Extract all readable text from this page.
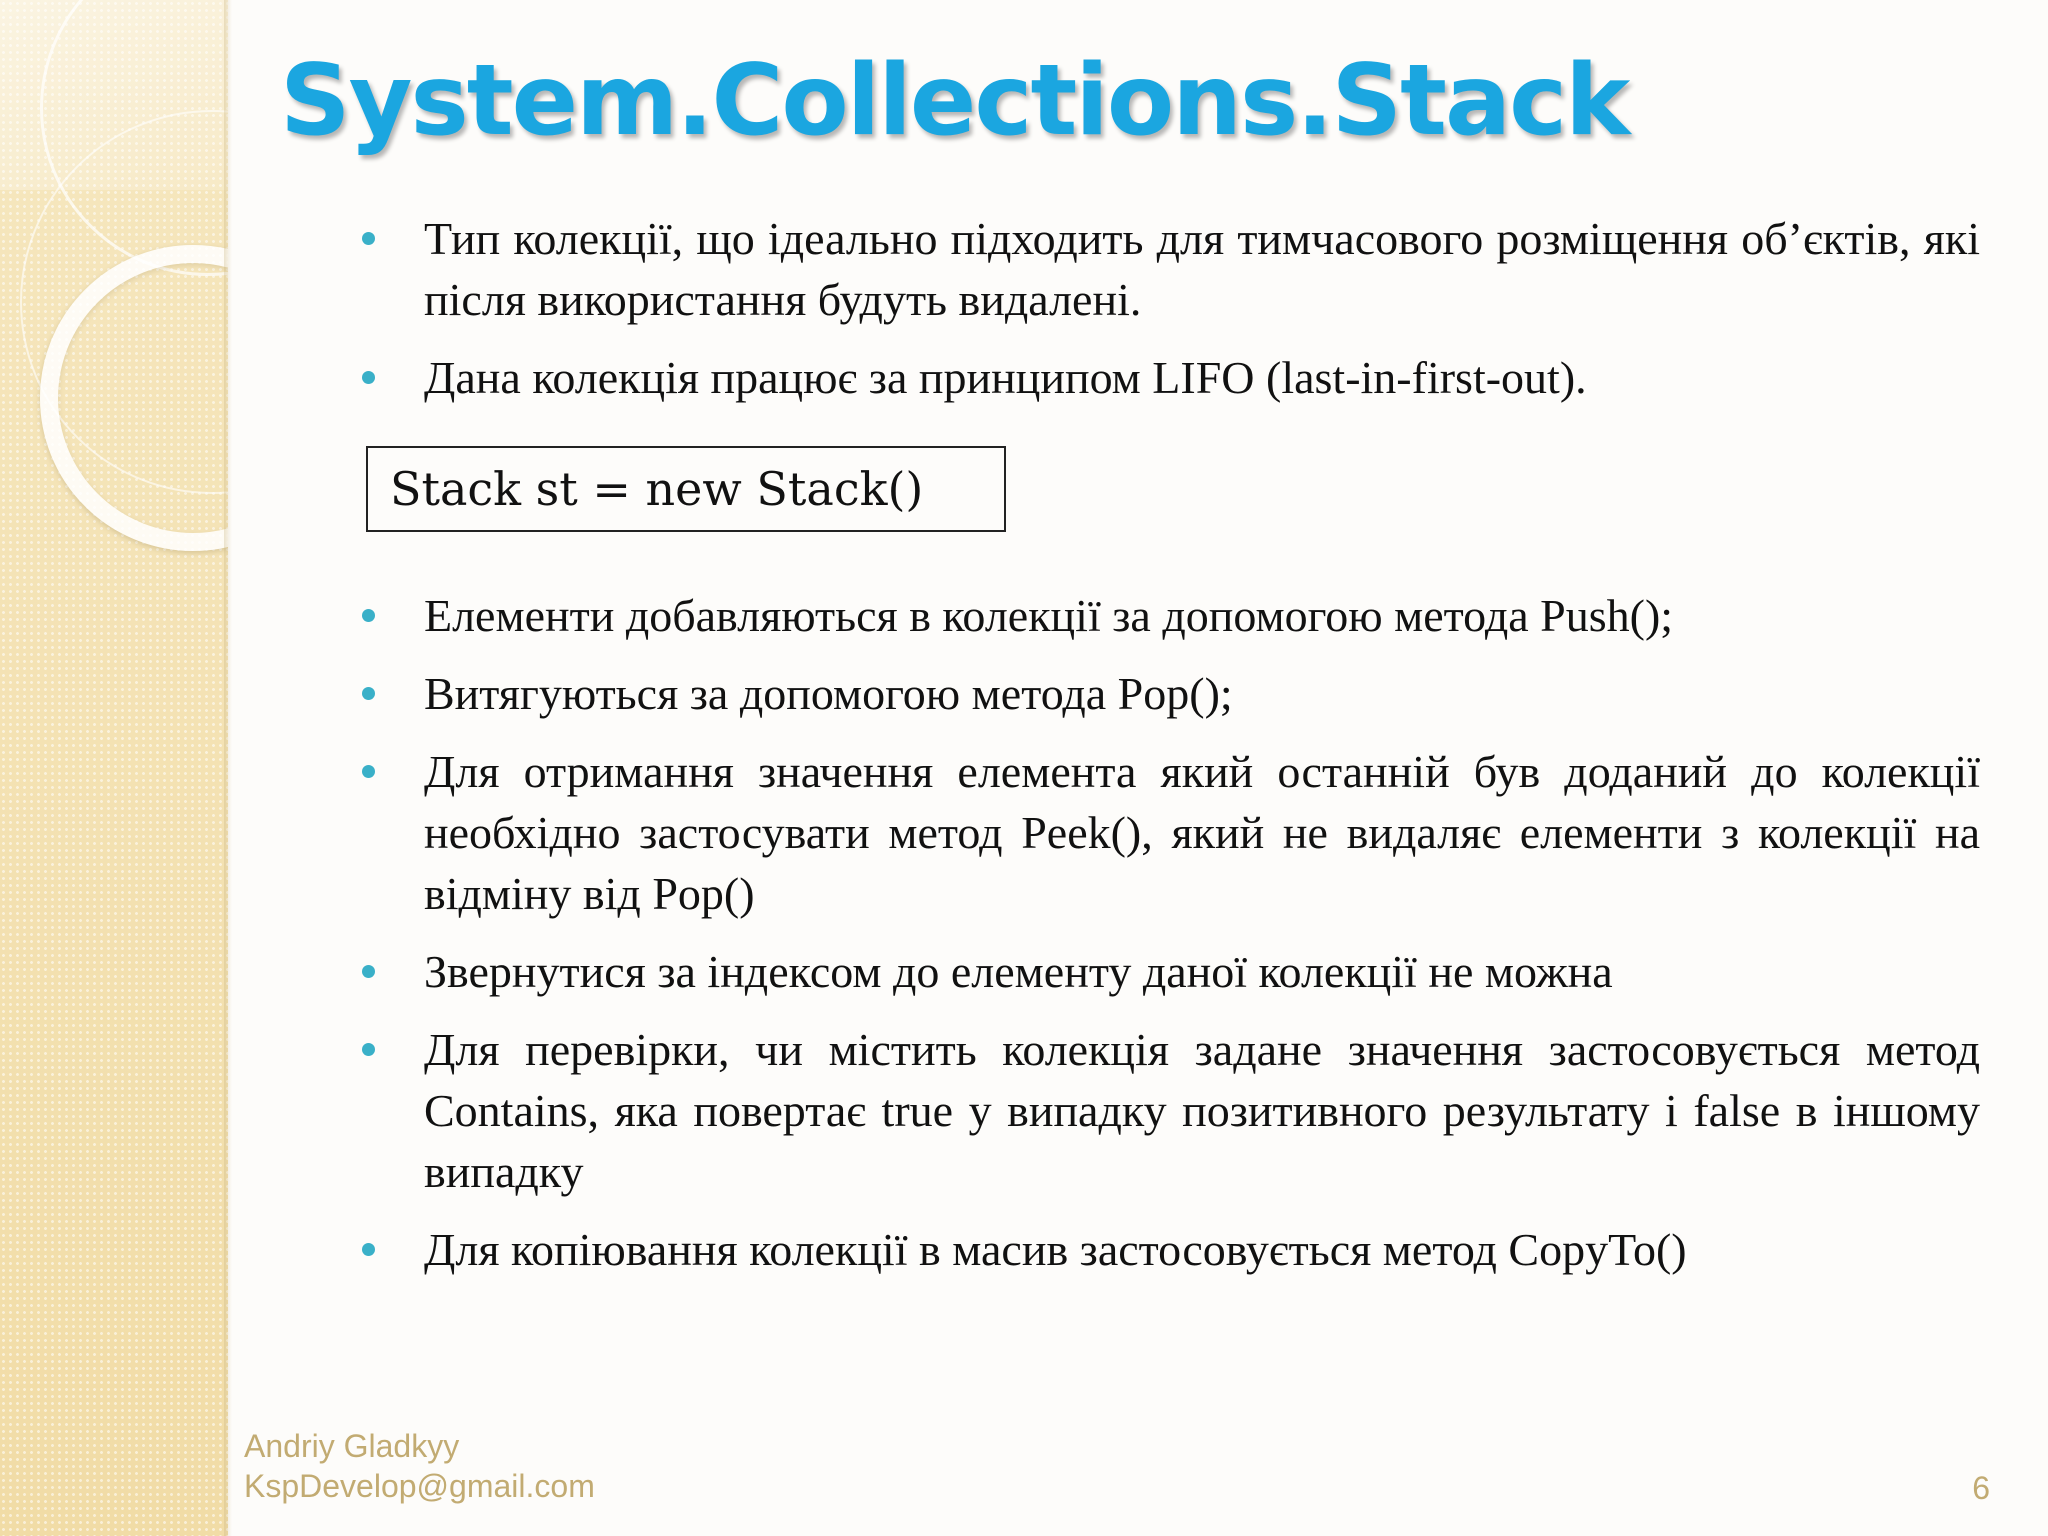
System.Collections.Stack
Тип колекції, що ідеально підходить для тимчасового розміщення об’єктів, які після використання будуть видалені.
Дана колекція працює за принципом LIFO (last-in-first-out).
Stack st = new Stack()
Елементи добавляються в колекції за допомогою метода Push();
Витягуються за допомогою метода Pop();
Для отримання значення елемента який останній був доданий до колекції необхідно застосувати метод Peek(), який не видаляє елементи з колекції на відміну від Pop()
Звернутися за індексом до елементу даної колекції не можна
Для перевірки, чи містить колекція задане значення застосовується метод Contains, яка повертає true у випадку позитивного результату і false в іншому випадку
Для копіювання колекції в масив застосовується метод CopyTo()
Andriy Gladkyy
KspDevelop@gmail.com	6
